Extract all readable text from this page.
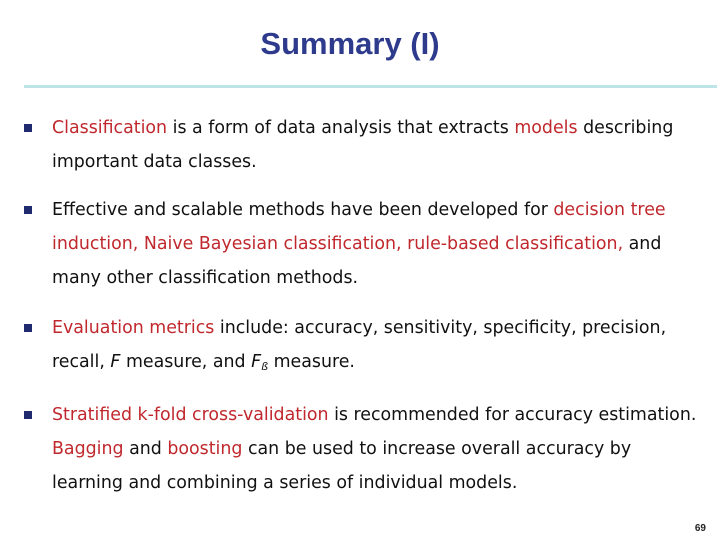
Summary (I)
Classification is a form of data analysis that extracts models describing important data classes.
Effective and scalable methods have been developed for decision tree induction, Naive Bayesian classification, rule-based classification, and many other classification methods.
Evaluation metrics include: accuracy, sensitivity, specificity, precision, recall, F measure, and $F_ß$ measure.
Stratified k-fold cross-validation is recommended for accuracy estimation. Bagging and boosting can be used to increase overall accuracy by learning and combining a series of individual models.
69
